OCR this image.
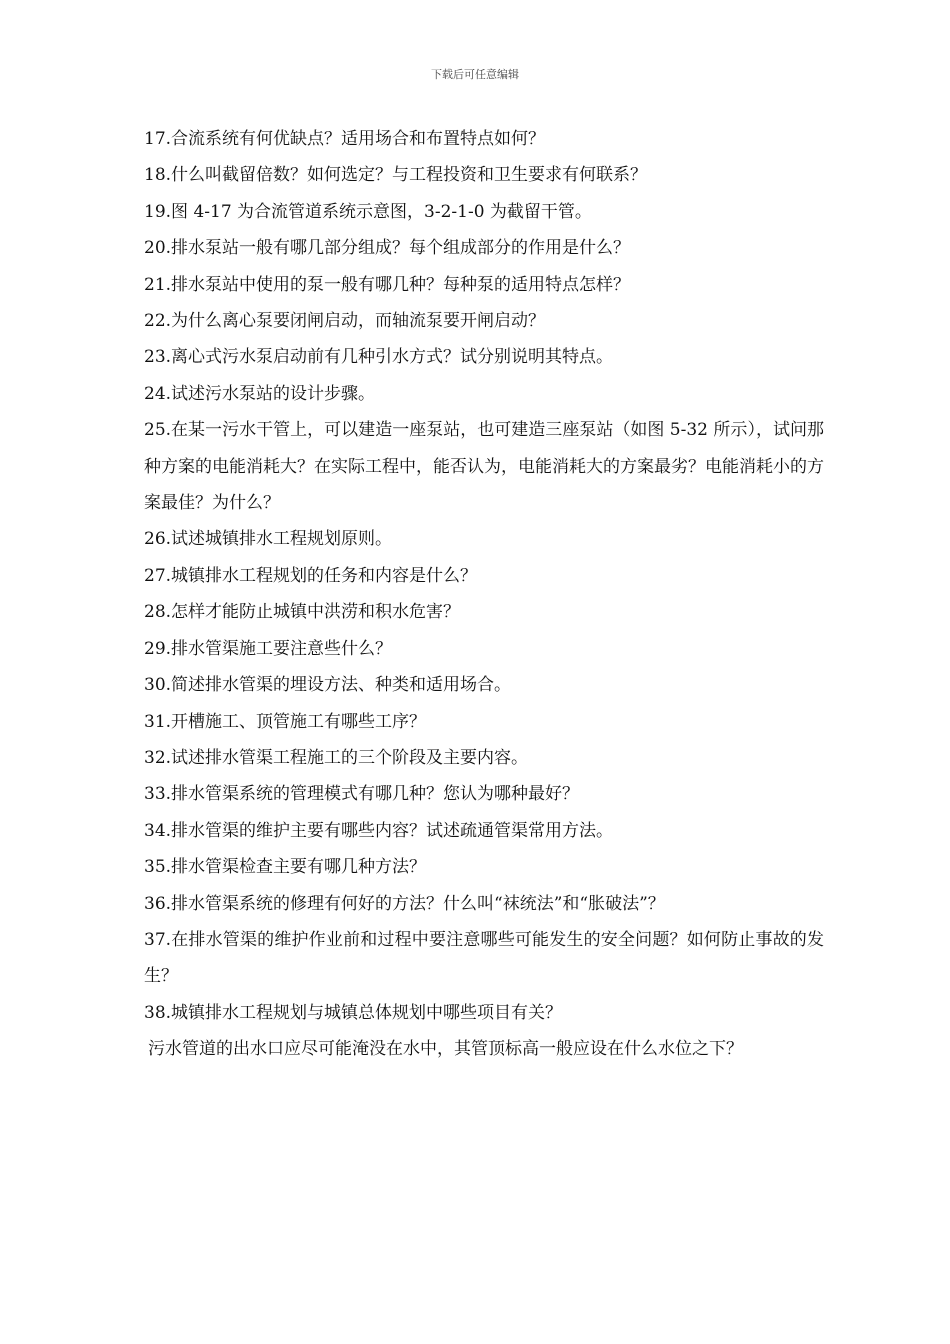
下载后可任意编辑

17.合流系统有何优缺点？适用场合和布置特点如何？

18.什么叫截留倍数？如何选定？与工程投资和卫生要求有何联系？

19.图 4-17 为合流管道系统示意图，3-2-1-0 为截留干管。

20.排水泵站一般有哪几部分组成？每个组成部分的作用是什么？

21.排水泵站中使用的泵一般有哪几种？每种泵的适用特点怎样？

22.为什么离心泵要闭闸启动，而轴流泵要开闸启动？

23.离心式污水泵启动前有几种引水方式？试分别说明其特点。

24.试述污水泵站的设计步骤。

25.在某一污水干管上，可以建造一座泵站，也可建造三座泵站（如图 5-32 所示），试问那种方案的电能消耗大？在实际工程中，能否认为，电能消耗大的方案最劣？电能消耗小的方案最佳？为什么？

26.试述城镇排水工程规划原则。

27.城镇排水工程规划的任务和内容是什么？

28.怎样才能防止城镇中洪涝和积水危害？

29.排水管渠施工要注意些什么？

30.简述排水管渠的埋设方法、种类和适用场合。

31.开槽施工、顶管施工有哪些工序？

32.试述排水管渠工程施工的三个阶段及主要内容。

33.排水管渠系统的管理模式有哪几种？您认为哪种最好？

34.排水管渠的维护主要有哪些内容？试述疏通管渠常用方法。

35.排水管渠检查主要有哪几种方法？

36.排水管渠系统的修理有何好的方法？什么叫“袜统法”和“胀破法”？

37.在排水管渠的维护作业前和过程中要注意哪些可能发生的安全问题？如何防止事故的发生？

38.城镇排水工程规划与城镇总体规划中哪些项目有关？

污水管道的出水口应尽可能淹没在水中，其管顶标高一般应设在什么水位之下？
